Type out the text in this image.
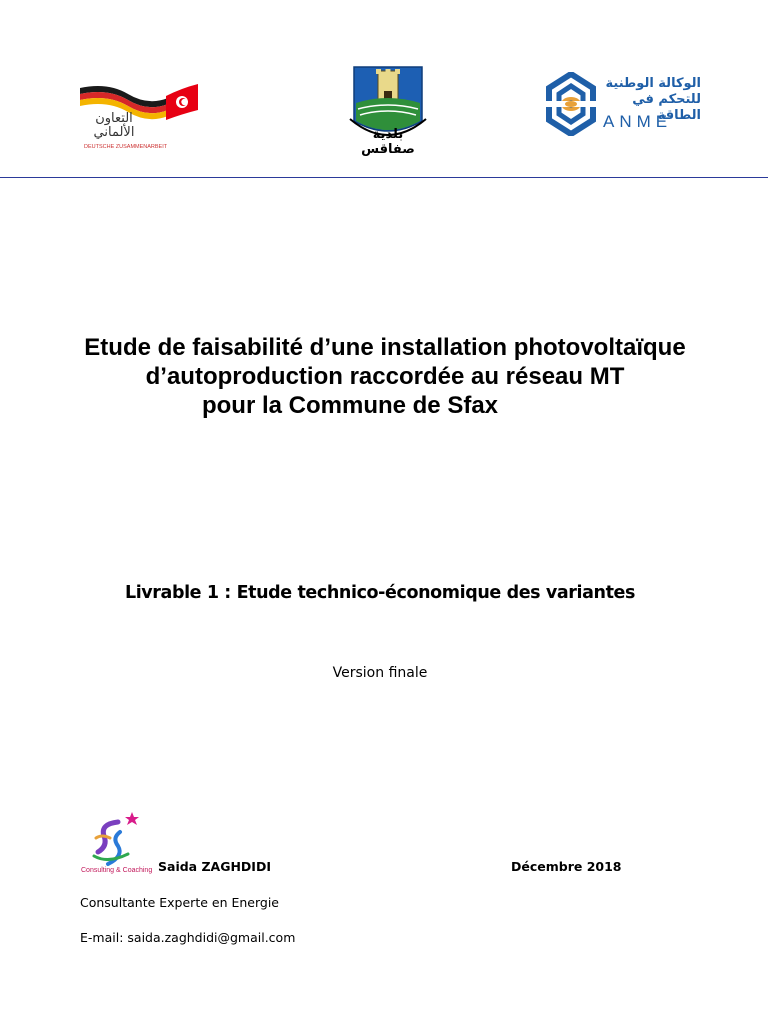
التعاون الألماني
DEUTSCHE ZUSAMMENARBEIT
بلدية صفاقس
الوكالة الوطنية
للتحكم في الطاقة
ANME
Etude de faisabilité d’une installation photovoltaïque
d’autoproduction raccordée au réseau MT
pour la Commune de Sfax
Livrable 1 : Etude technico-économique des variantes
Version finale
Consulting & Coaching Saida ZAGHDIDI	Décembre 2018
Consultante Experte en Energie
E-mail: saida.zaghdidi@gmail.com
